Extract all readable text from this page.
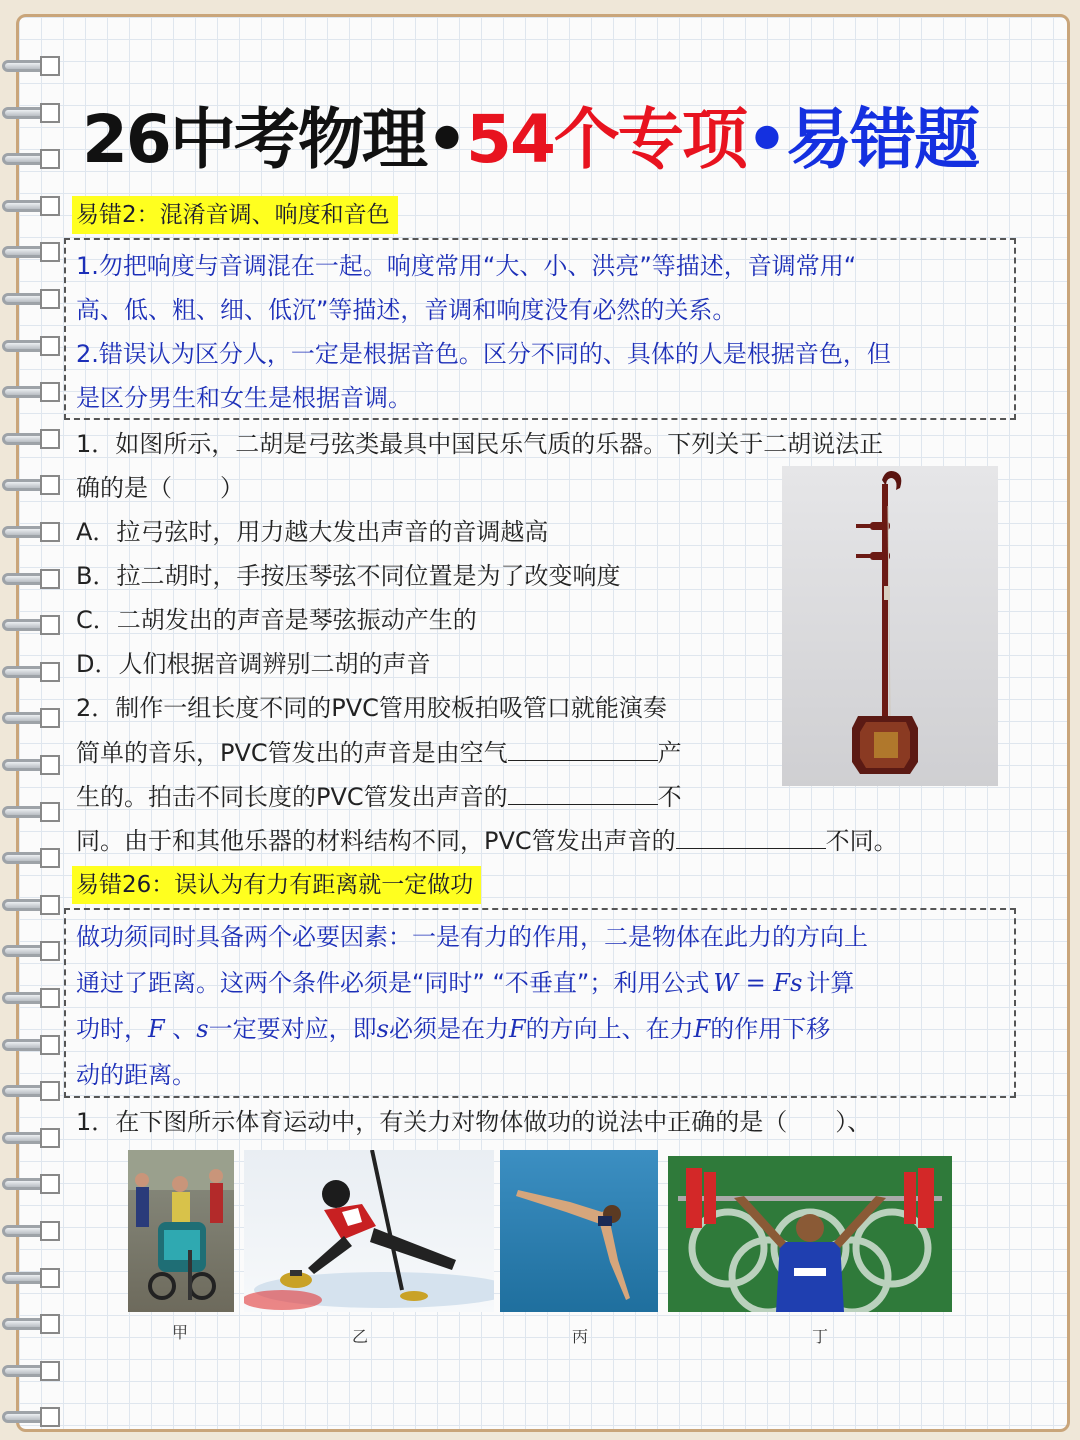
26中考物理•54个专项•易错题
易错2：混淆音调、响度和音色
1.勿把响度与音调混在一起。响度常用“大、小、洪亮”等描述，音调常用“
高、低、粗、细、低沉”等描述，音调和响度没有必然的关系。
2.错误认为区分人，一定是根据音色。区分不同的、具体的人是根据音色，但
是区分男生和女生是根据音调。
1．如图所示，二胡是弓弦类最具中国民乐气质的乐器。下列关于二胡说法正
确的是（　　）
A．拉弓弦时，用力越大发出声音的音调越高
B．拉二胡时，手按压琴弦不同位置是为了改变响度
C．二胡发出的声音是琴弦振动产生的
D．人们根据音调辨别二胡的声音
2．制作一组长度不同的PVC管用胶板拍吸管口就能演奏
简单的音乐，PVC管发出的声音是由空气	产
生的。拍击不同长度的PVC管发出声音的	不
同。由于和其他乐器的材料结构不同，PVC管发出声音的	不同。
易错26：误认为有力有距离就一定做功
做功须同时具备两个必要因素：一是有力的作用，二是物体在此力的方向上
通过了距离。这两个条件必须是“同时” “不垂直”；利用公式 W = Fs 计算
功时，F 、s一定要对应，即s必须是在力F的方向上、在力F的作用下移
动的距离。
1．在下图所示体育运动中，有关力对物体做功的说法中正确的是（　　）、
甲	乙	丙	丁
